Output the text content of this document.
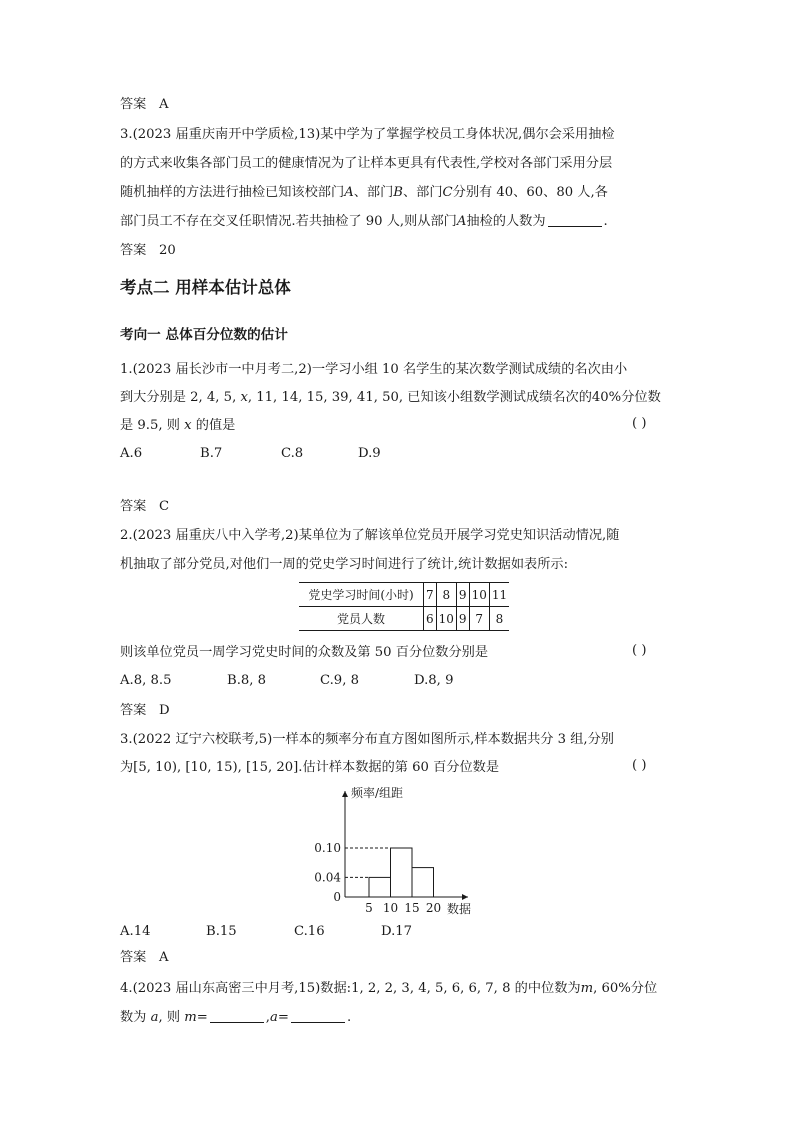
答案 A
3.(2023 届重庆南开中学质检,13)某中学为了掌握学校员工身体状况,偶尔会采用抽检
的方式来收集各部门员工的健康情况为了让样本更具有代表性,学校对各部门采用分层
随机抽样的方法进行抽检已知该校部门A、部门B、部门C分别有 40、60、80 人,各
部门员工不存在交叉任职情况.若共抽检了 90 人,则从部门A抽检的人数为	.
答案 20
考点二 用样本估计总体
考向一 总体百分位数的估计
1.(2023 届长沙市一中月考二,2)一学习小组 10 名学生的某次数学测试成绩的名次由小
到大分别是 2, 4, 5, x, 11, 14, 15, 39, 41, 50, 已知该小组数学测试成绩名次的40%分位数
是 9.5, 则 x 的值是	( )
A.6	B.7	C.8	D.9
答案 C
2.(2023 届重庆八中入学考,2)某单位为了解该单位党员开展学习党史知识活动情况,随
机抽取了部分党员,对他们一周的党史学习时间进行了统计,统计数据如表所示:
党史学习时间(小时)	7	8	9	10	11
党员人数	6	10	9	7	8
则该单位党员一周学习党史时间的众数及第 50 百分位数分别是	( )
A.8, 8.5	B.8, 8	C.9, 8	D.8, 9
答案 D
3.(2022 辽宁六校联考,5)一样本的频率分布直方图如图所示,样本数据共分 3 组,分别
为[5, 10), [10, 15), [15, 20].估计样本数据的第 60 百分位数是	( )
0
0.04
0.10
5 10 15 20
频率/组距
数据
A.14	B.15	C.16	D.17
答案 A
4.(2023 届山东高密三中月考,15)数据:1, 2, 2, 3, 4, 5, 6, 6, 7, 8 的中位数为m, 60%分位
数为 a, 则 m=	,a=	.
